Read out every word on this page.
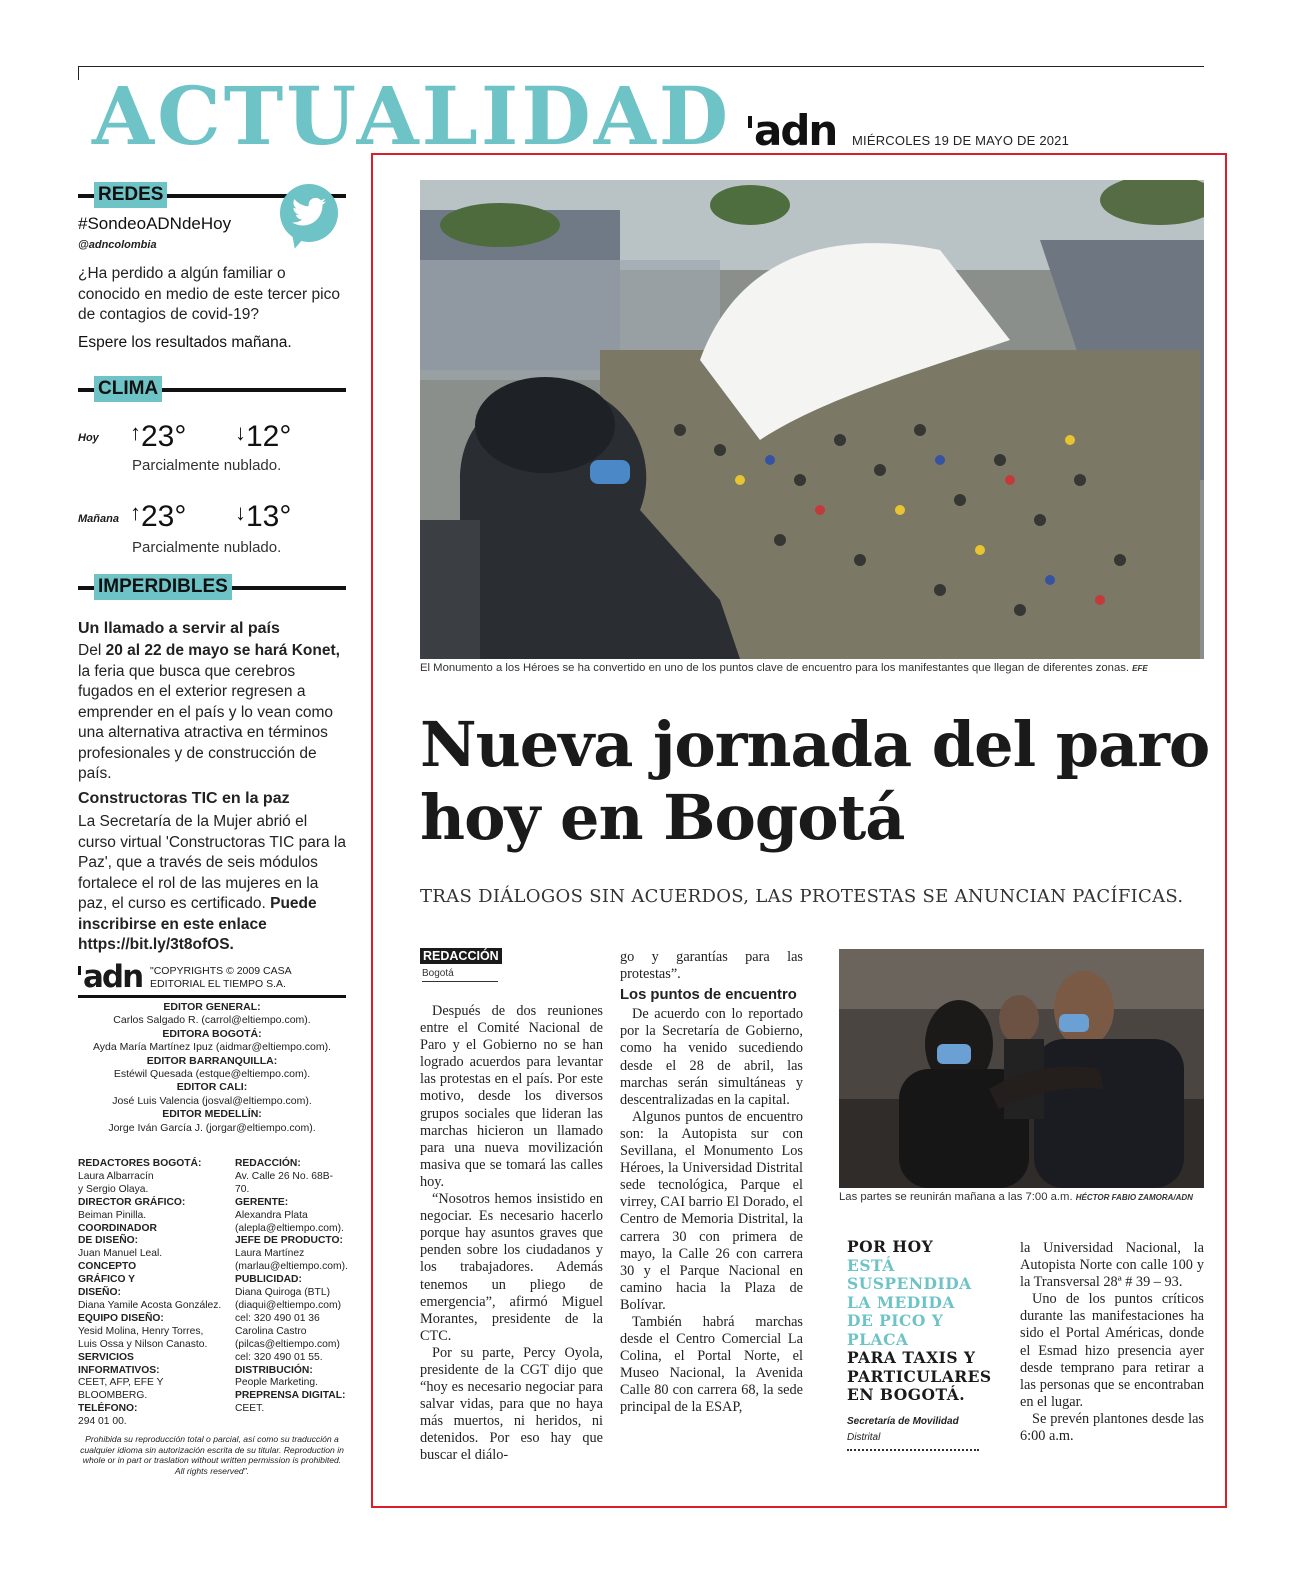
ACTUALIDAD adn MIÉRCOLES 19 DE MAYO DE 2021
REDES
#SondeoADNdeHoy
@adncolombia
¿Ha perdido a algún familiar o conocido en medio de este tercer pico de contagios de covid-19?
Espere los resultados mañana.
CLIMA
Hoy ↑23° ↓12°
Parcialmente nublado.
Mañana ↑23° ↓13°
Parcialmente nublado.
IMPERDIBLES
Un llamado a servir al país
Del 20 al 22 de mayo se hará Konet, la feria que busca que cerebros fugados en el exterior regresen a emprender en el país y lo vean como una alternativa atractiva en términos profesionales y de construcción de país.
Constructoras TIC en la paz
La Secretaría de la Mujer abrió el curso virtual 'Constructoras TIC para la Paz', que a través de seis módulos fortalece el rol de las mujeres en la paz, el curso es certificado. Puede inscribirse en este enlace https://bit.ly/3t8ofOS.
adn "COPYRIGHTS © 2009 CASA EDITORIAL EL TIEMPO S.A.
EDITOR GENERAL:
Carlos Salgado R. (carrol@eltiempo.com).
EDITORA BOGOTÁ:
Ayda María Martínez Ipuz (aidmar@eltiempo.com).
EDITOR BARRANQUILLA:
Estéwil Quesada (estque@eltiempo.com).
EDITOR CALI:
José Luis Valencia (josval@eltiempo.com).
EDITOR MEDELLÍN:
Jorge Iván García J. (jorgar@eltiempo.com).
REDACTORES BOGOTÁ:
Laura Albarracín
y Sergio Olaya.
DIRECTOR GRÁFICO:
Beiman Pinilla.
COORDINADOR DE DISEÑO:
Juan Manuel Leal.
CONCEPTO GRÁFICO Y DISEÑO:
Diana Yamile Acosta González.
EQUIPO DISEÑO:
Yesid Molina, Henry Torres,
Luis Ossa y Nilson Canasto.
SERVICIOS INFORMATIVOS:
CEET, AFP, EFE Y BLOOMBERG.
TELÉFONO:
294 01 00.
REDACCIÓN:
Av. Calle 26 No. 68B-70.
GERENTE:
Alexandra Plata
(alepla@eltiempo.com).
JEFE DE PRODUCTO:
Laura Martínez
(marlau@eltiempo.com).
PUBLICIDAD:
Diana Quiroga (BTL)
(diaqui@eltiempo.com)
cel: 320 490 01 36
Carolina Castro
(pilcas@eltiempo.com)
cel: 320 490 01 55.
DISTRIBUCIÓN:
People Marketing.
PREPRENSA DIGITAL:
CEET.
Prohibida su reproducción total o parcial, así como su traducción a cualquier idioma sin autorización escrita de su titular. Reproduction in whole or in part or traslation without written permission is prohibited. All rights reserved".
El Monumento a los Héroes se ha convertido en uno de los puntos clave de encuentro para los manifestantes que llegan de diferentes zonas. EFE
Nueva jornada del paro hoy en Bogotá
TRAS DIÁLOGOS SIN ACUERDOS, LAS PROTESTAS SE ANUNCIAN PACÍFICAS.
REDACCIÓN
Bogotá

Después de dos reuniones entre el Comité Nacional de Paro y el Gobierno no se han logrado acuerdos para levantar las protestas en el país. Por este motivo, desde los diversos grupos sociales que lideran las marchas hicieron un llamado para una nueva movilización masiva que se tomará las calles hoy.

“Nosotros hemos insistido en negociar. Es necesario hacerlo porque hay asuntos graves que penden sobre los ciudadanos y los trabajadores. Además tenemos un pliego de emergencia”, afirmó Miguel Morantes, presidente de la CTC.

Por su parte, Percy Oyola, presidente de la CGT dijo que “hoy es necesario negociar para salvar vidas, para que no haya más muertos, ni heridos, ni detenidos. Por eso hay que buscar el diálo-

go y garantías para las protestas”.

Los puntos de encuentro

De acuerdo con lo reportado por la Secretaría de Gobierno, como ha venido sucediendo desde el 28 de abril, las marchas serán simultáneas y descentralizadas en la capital.

Algunos puntos de encuentro son: la Autopista sur con Sevillana, el Monumento Los Héroes, la Universidad Distrital sede tecnológica, Parque el virrey, CAI barrio El Dorado, el Centro de Memoria Distrital, la carrera 30 con primera de mayo, la Calle 26 con carrera 30 y el Parque Nacional en camino hacia la Plaza de Bolívar.

También habrá marchas desde el Centro Comercial La Colina, el Portal Norte, el Museo Nacional, la Avenida Calle 80 con carrera 68, la sede principal de la ESAP,

Las partes se reunirán mañana a las 7:00 a.m. HÉCTOR FABIO ZAMORA/ADN
POR HOY
ESTÁ SUSPENDIDA LA MEDIDA DE PICO Y PLACA
PARA TAXIS Y PARTICULARES EN BOGOTÁ.
Secretaría de Movilidad
Distrital

la Universidad Nacional, la Autopista Norte con calle 100 y la Transversal 28ª # 39 – 93.

Uno de los puntos críticos durante las manifestaciones ha sido el Portal Américas, donde el Esmad hizo presencia ayer desde temprano para retirar a las personas que se encontraban en el lugar.

Se prevén plantones desde las 6:00 a.m.
